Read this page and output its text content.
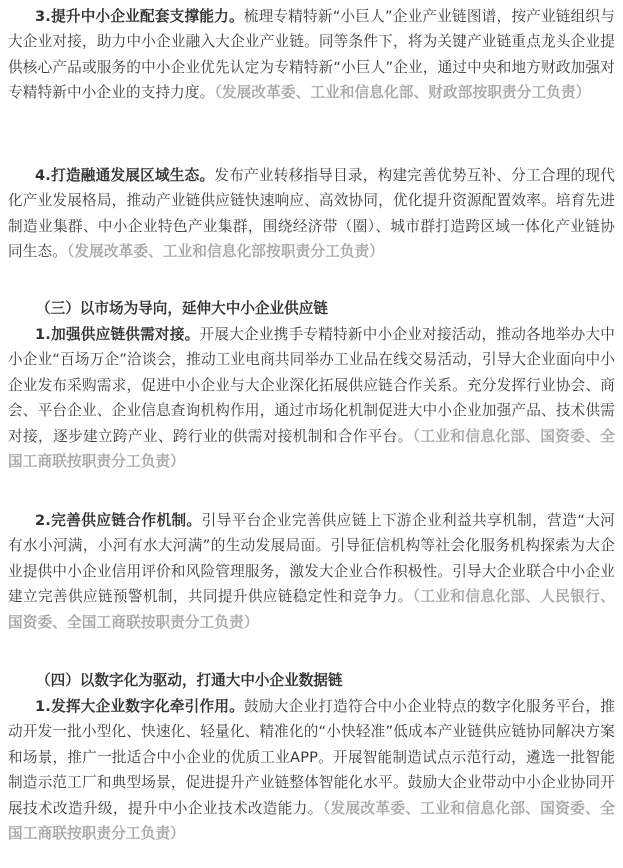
3.提升中小企业配套支撑能力。梳理专精特新“小巨人”企业产业链图谱，按产业链组织与大企业对接，助力中小企业融入大企业产业链。同等条件下，将为关键产业链重点龙头企业提供核心产品或服务的中小企业优先认定为专精特新“小巨人”企业，通过中央和地方财政加强对专精特新中小企业的支持力度。（发展改革委、工业和信息化部、财政部按职责分工负责）

4.打造融通发展区域生态。发布产业转移指导目录，构建完善优势互补、分工合理的现代化产业发展格局，推动产业链供应链快速响应、高效协同，优化提升资源配置效率。培育先进制造业集群、中小企业特色产业集群，围绕经济带（圈）、城市群打造跨区域一体化产业链协同生态。（发展改革委、工业和信息化部按职责分工负责）

（三）以市场为导向，延伸大中小企业供应链

1.加强供应链供需对接。开展大企业携手专精特新中小企业对接活动，推动各地举办大中小企业“百场万企”洽谈会，推动工业电商共同举办工业品在线交易活动，引导大企业面向中小企业发布采购需求，促进中小企业与大企业深化拓展供应链合作关系。充分发挥行业协会、商会、平台企业、企业信息查询机构作用，通过市场化机制促进大中小企业加强产品、技术供需对接，逐步建立跨产业、跨行业的供需对接机制和合作平台。（工业和信息化部、国资委、全国工商联按职责分工负责）

2.完善供应链合作机制。引导平台企业完善供应链上下游企业利益共享机制，营造“大河有水小河满，小河有水大河满”的生动发展局面。引导征信机构等社会化服务机构探索为大企业提供中小企业信用评价和风险管理服务，激发大企业合作积极性。引导大企业联合中小企业建立完善供应链预警机制，共同提升供应链稳定性和竞争力。（工业和信息化部、人民银行、国资委、全国工商联按职责分工负责）

（四）以数字化为驱动，打通大中小企业数据链

1.发挥大企业数字化牵引作用。鼓励大企业打造符合中小企业特点的数字化服务平台，推动开发一批小型化、快速化、轻量化、精准化的“小快轻准”低成本产业链供应链协同解决方案和场景，推广一批适合中小企业的优质工业APP。开展智能制造试点示范行动，遴选一批智能制造示范工厂和典型场景，促进提升产业链整体智能化水平。鼓励大企业带动中小企业协同开展技术改造升级，提升中小企业技术改造能力。（发展改革委、工业和信息化部、国资委、全国工商联按职责分工负责）
